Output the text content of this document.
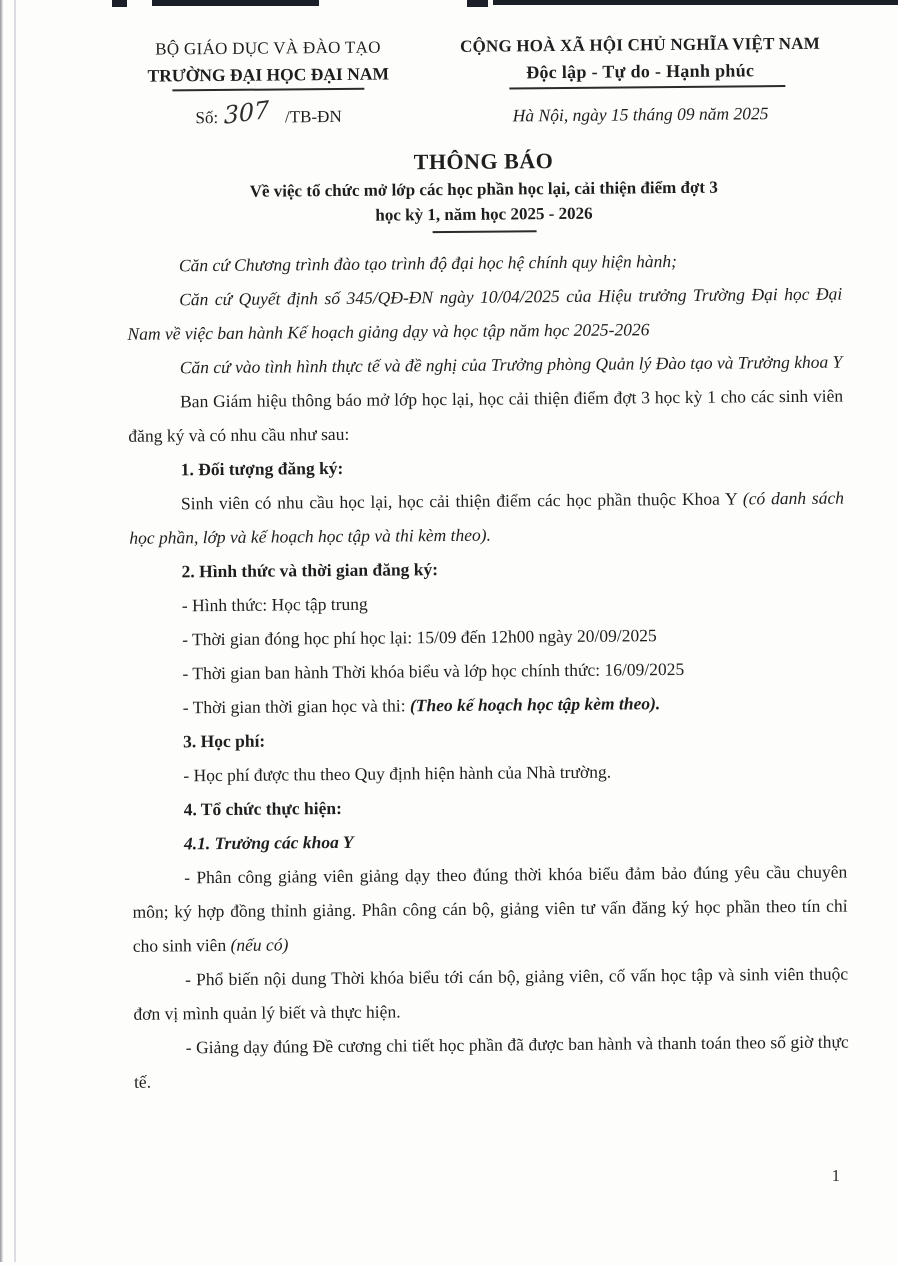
BỘ GIÁO DỤC VÀ ĐÀO TẠO
TRƯỜNG ĐẠI HỌC ĐẠI NAM
Số: 307 /TB-ĐN
CỘNG HOÀ XÃ HỘI CHỦ NGHĨA VIỆT NAM
Độc lập - Tự do - Hạnh phúc
Hà Nội, ngày 15 tháng 09 năm 2025
THÔNG BÁO
Về việc tổ chức mở lớp các học phần học lại, cải thiện điểm đợt 3
học kỳ 1, năm học 2025 - 2026

Căn cứ Chương trình đào tạo trình độ đại học hệ chính quy hiện hành;

Căn cứ Quyết định số 345/QĐ-ĐN ngày 10/04/2025 của Hiệu trưởng Trường Đại học Đại Nam về việc ban hành Kế hoạch giảng dạy và học tập năm học 2025-2026

Căn cứ vào tình hình thực tế và đề nghị của Trưởng phòng Quản lý Đào tạo và Trưởng khoa Y

Ban Giám hiệu thông báo mở lớp học lại, học cải thiện điểm đợt 3 học kỳ 1 cho các sinh viên đăng ký và có nhu cầu như sau:

1. Đối tượng đăng ký:

Sinh viên có nhu cầu học lại, học cải thiện điểm các học phần thuộc Khoa Y (có danh sách học phần, lớp và kế hoạch học tập và thi kèm theo).

2. Hình thức và thời gian đăng ký:

- Hình thức: Học tập trung

- Thời gian đóng học phí học lại: 15/09 đến 12h00 ngày 20/09/2025

- Thời gian ban hành Thời khóa biểu và lớp học chính thức: 16/09/2025

- Thời gian thời gian học và thi: (Theo kế hoạch học tập kèm theo).

3. Học phí:

- Học phí được thu theo Quy định hiện hành của Nhà trường.

4. Tổ chức thực hiện:

4.1. Trưởng các khoa Y

- Phân công giảng viên giảng dạy theo đúng thời khóa biểu đảm bảo đúng yêu cầu chuyên môn; ký hợp đồng thỉnh giảng. Phân công cán bộ, giảng viên tư vấn đăng ký học phần theo tín chỉ cho sinh viên (nếu có)

- Phổ biến nội dung Thời khóa biểu tới cán bộ, giảng viên, cố vấn học tập và sinh viên thuộc đơn vị mình quản lý biết và thực hiện.

- Giảng dạy đúng Đề cương chi tiết học phần đã được ban hành và thanh toán theo số giờ thực tế.

1
